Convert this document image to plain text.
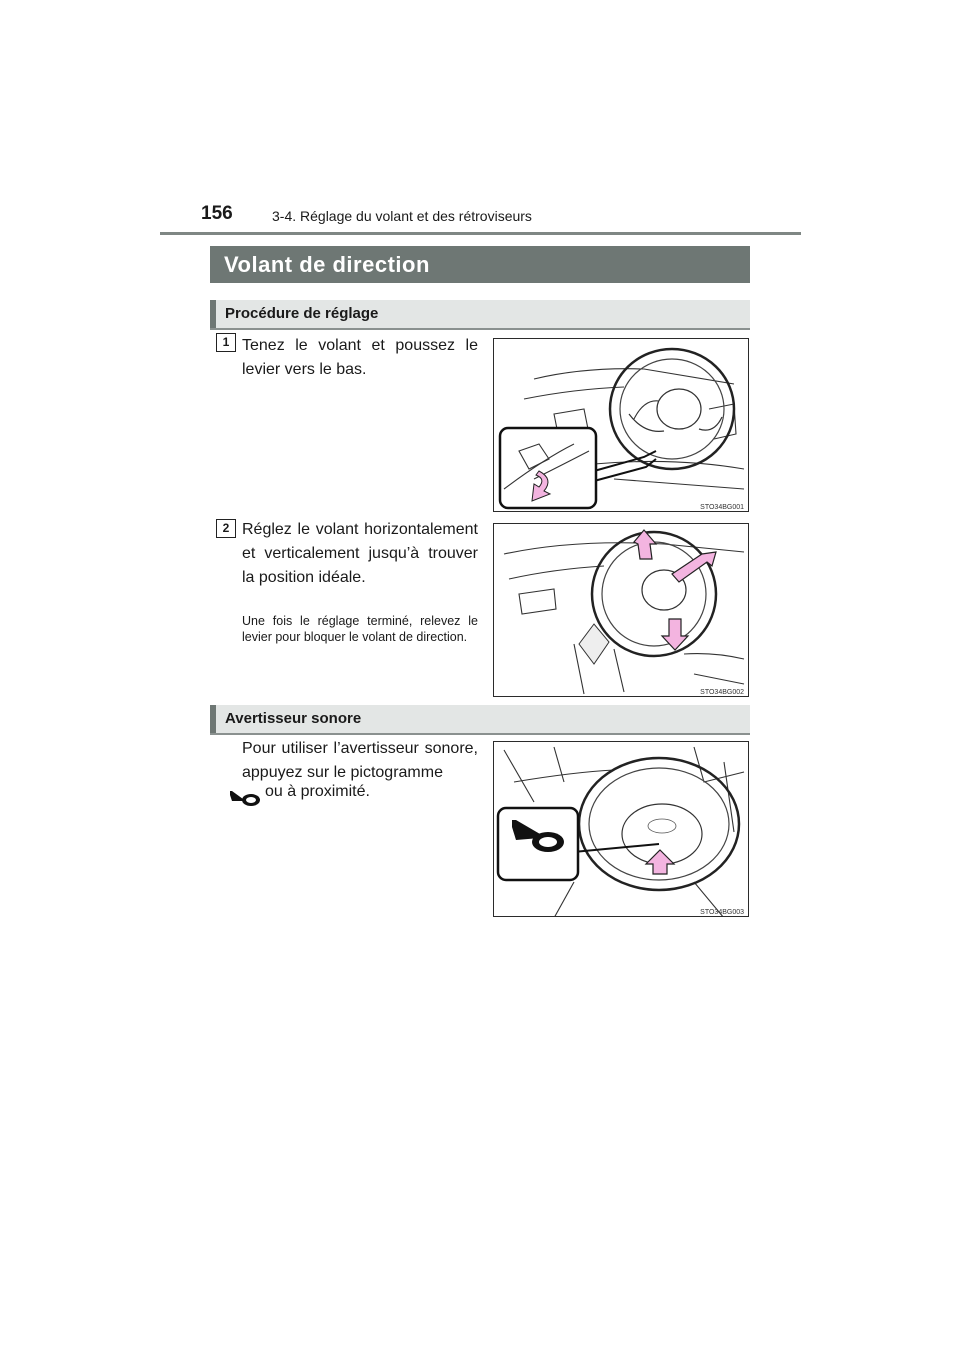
156	3-4. Réglage du volant et des rétroviseurs
Volant de direction
Procédure de réglage
1 Tenez le volant et poussez le levier vers le bas.
STO34BG001
2 Réglez le volant horizontalement et verticalement jusqu’à trouver la position idéale.
Une fois le réglage terminé, relevez le levier pour bloquer le volant de direction.
STO34BG002
Avertisseur sonore
Pour utiliser l’avertisseur sonore, appuyez sur le pictogramme
ou à proximité.
STO34BG003
